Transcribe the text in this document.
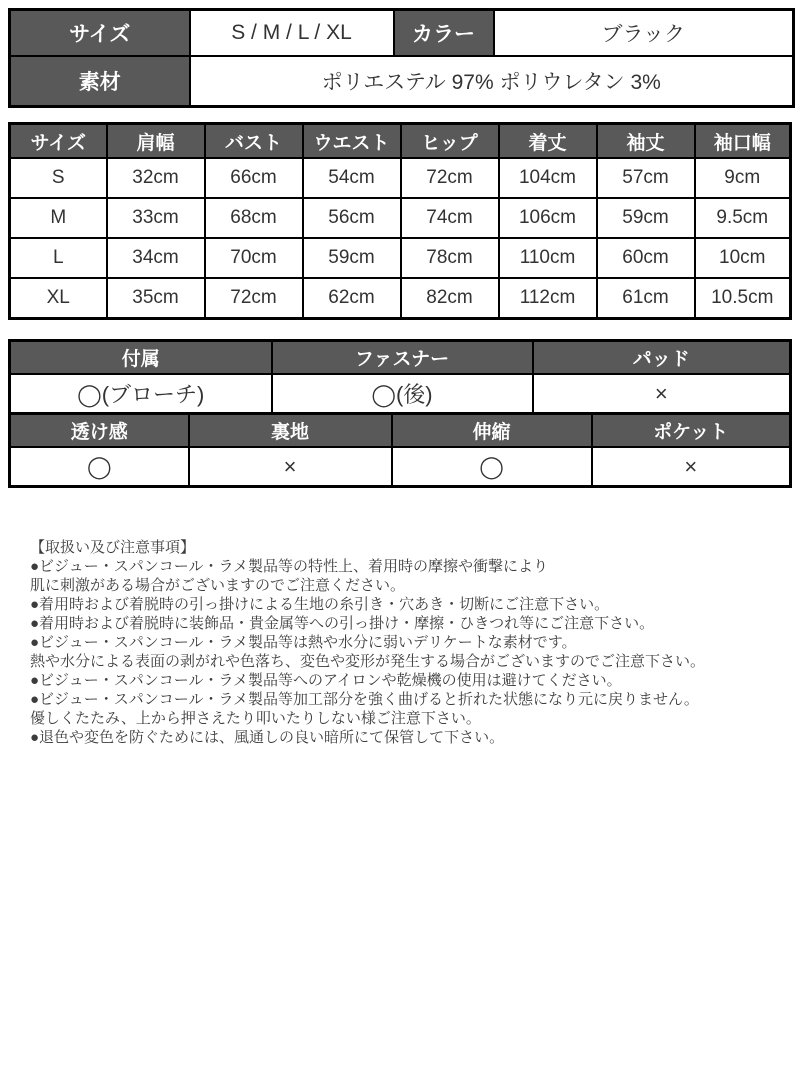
サイズ	S / M / L / XL	カラー	ブラック
素材	ポリエステル 97% ポリウレタン 3%		
サイズ	肩幅	バスト	ウエスト	ヒップ	着丈	袖丈	袖口幅
S	32cm	66cm	54cm	72cm	104cm	57cm	9cm
M	33cm	68cm	56cm	74cm	106cm	59cm	9.5cm
L	34cm	70cm	59cm	78cm	110cm	60cm	10cm
XL	35cm	72cm	62cm	82cm	112cm	61cm	10.5cm
付属	ファスナー	パッド
◯(ブローチ)	◯(後)	×
透け感	裏地	伸縮	ポケット
◯	×	◯	×
【取扱い及び注意事項】
●ビジュー・スパンコール・ラメ製品等の特性上、着用時の摩擦や衝撃により
肌に刺激がある場合がございますのでご注意ください。
●着用時および着脱時の引っ掛けによる生地の糸引き・穴あき・切断にご注意下さい。
●着用時および着脱時に装飾品・貴金属等への引っ掛け・摩擦・ひきつれ等にご注意下さい。
●ビジュー・スパンコール・ラメ製品等は熱や水分に弱いデリケートな素材です。
熱や水分による表面の剥がれや色落ち、変色や変形が発生する場合がございますのでご注意下さい。
●ビジュー・スパンコール・ラメ製品等へのアイロンや乾燥機の使用は避けてください。
●ビジュー・スパンコール・ラメ製品等加工部分を強く曲げると折れた状態になり元に戻りません。
優しくたたみ、上から押さえたり叩いたりしない様ご注意下さい。
●退色や変色を防ぐためには、風通しの良い暗所にて保管して下さい。
